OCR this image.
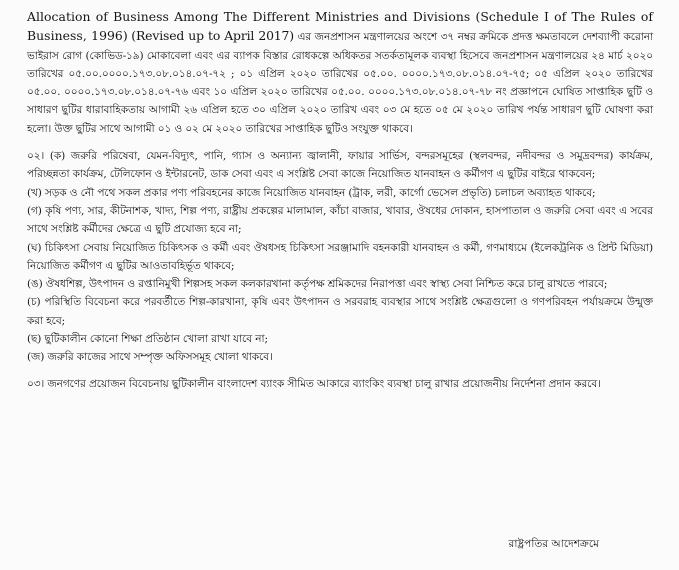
Allocation of Business Among The Different Ministries and Divisions (Schedule I of The Rules of Business, 1996) (Revised up to April 2017) এর জনপ্রশাসন মন্ত্রণালয়ের অংশে ৩৭ নম্বর ক্রমিকে প্রদত্ত ক্ষমতাবলে দেশব্যাপী করোনা ভাইরাস রোগ (কোভিড-১৯) মোকাবেলা এবং এর ব্যাপক বিস্তার রোধকল্পে অধিকতর সতর্কতামূলক ব্যবস্থা হিসেবে জনপ্রশাসন মন্ত্রণালয়ের ২৪ মার্চ ২০২০ তারিখের ০৫.০০.০০০০.১৭৩.০৮.০১৪.০৭-৭২ ; ০১ এপ্রিল ২০২০ তারিখের ০৫.০০. ০০০০.১৭৩.০৮.০১৪.০৭-৭৫; ০৫ এপ্রিল ২০২০ তারিখের ০৫.০০. ০০০০.১৭৩.০৮.০১৪.০৭-৭৬ এবং ১০ এপ্রিল ২০২০ তারিখের ০৫.০০. ০০০০.১৭৩.০৮.০১৪.০৭-৭৮ নং প্রজ্ঞাপনে ঘোষিত সাপ্তাহিক ছুটি ও সাধারণ ছুটির ধারাবাহিকতায় আগামী ২৬ এপ্রিল হতে ৩০ এপ্রিল ২০২০ তারিখ এবং ০৩ মে হতে ০৫ মে ২০২০ তারিখ পর্যন্ত সাধারণ ছুটি ঘোষণা করা হলো। উক্ত ছুটির সাথে আগামী ০১ ও ০২ মে ২০২০ তারিখের সাপ্তাহিক ছুটিও সংযুক্ত থাকবে।

০২। (ক) জরুরি পরিষেবা, যেমন-বিদ্যুৎ, পানি, গ্যাস ও অন্যান্য জ্বালানী, ফায়ার সার্ভিস, বন্দরসমূহের (স্থলবন্দর, নদীবন্দর ও সমুদ্রবন্দর) কার্যক্রম, পরিচ্ছন্নতা কার্যক্রম, টেলিফোন ও ইন্টারনেট, ডাক সেবা এবং এ সংশ্লিষ্ট সেবা কাজে নিয়োজিত যানবাহন ও কর্মীগণ এ ছুটির বাইরে থাকবেন;
(খ) সড়ক ও নৌ পথে সকল প্রকার পণ্য পরিবহনের কাজে নিয়োজিত যানবাহন (ট্রাক, লরী, কার্গো ভেসেল প্রভৃতি) চলাচল অব্যাহত থাকবে;
(গ) কৃষি পণ্য, সার, কীটনাশক, খাদ্য, শিল্প পণ্য, রাষ্ট্রীয় প্রকল্পের মালামাল, কাঁচা বাজার, খাবার, ঔষধের দোকান, হাসপাতাল ও জরুরি সেবা এবং এ সবের সাথে সংশ্লিষ্ট কর্মীদের ক্ষেত্রে এ ছুটি প্রযোজ্য হবে না;
(ঘ) চিকিৎসা সেবায় নিয়োজিত চিকিৎসক ও কর্মী এবং ঔষধসহ চিকিৎসা সরঞ্জামাদি বহনকারী যানবাহন ও কর্মী, গণমাধ্যমে (ইলেকট্রনিক ও প্রিন্ট মিডিয়া) নিয়োজিত কর্মীগণ এ ছুটির আওতাবহির্ভূত থাকবে;
(ঙ) ঔষধশিল্প, উৎপাদন ও রপ্তানিমুখী শিল্পসহ সকল কলকারখানা কর্তৃপক্ষ শ্রমিকদের নিরাপত্তা এবং স্বাস্থ্য সেবা নিশ্চিত করে চালু রাখতে পারবে;
(চ) পরিস্থিতি বিবেচনা করে পরবর্তীতে শিল্প-কারখানা, কৃষি এবং উৎপাদন ও সরবরাহ ব্যবস্থার সাথে সংশ্লিষ্ট ক্ষেত্রগুলো ও গণপরিবহন পর্যায়ক্রমে উন্মুক্ত করা হবে;
(ছ) ছুটিকালীন কোনো শিক্ষা প্রতিষ্ঠান খোলা রাখা যাবে না;
(জ) জরুরি কাজের সাথে সম্পৃক্ত অফিসসমূহ খোলা থাকবে।

০৩। জনগণের প্রয়োজন বিবেচনায় ছুটিকালীন বাংলাদেশ ব্যাংক সীমিত আকারে ব্যাংকিং ব্যবস্থা চালু রাখার প্রয়োজনীয় নির্দেশনা প্রদান করবে।

রাষ্ট্রপতির আদেশক্রমে
